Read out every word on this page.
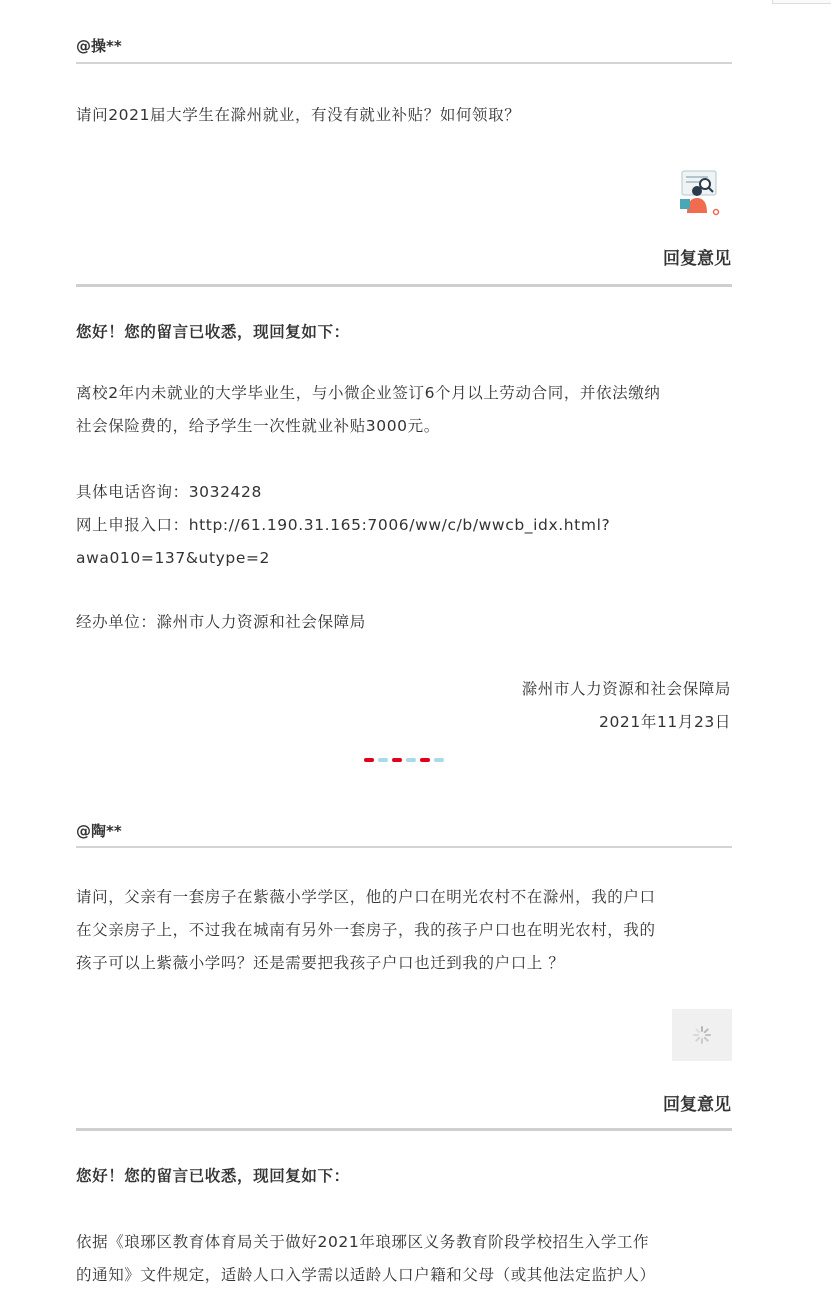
@操**
请问2021届大学生在滁州就业，有没有就业补贴？如何领取？
回复意见
您好！您的留言已收悉，现回复如下：
离校2年内未就业的大学毕业生，与小微企业签订6个月以上劳动合同，并依法缴纳
社会保险费的，给予学生一次性就业补贴3000元。
具体电话咨询：3032428
网上申报入口：http://61.190.31.165:7006/ww/c/b/wwcb_idx.html?
awa010=137&utype=2
经办单位：滁州市人力资源和社会保障局
滁州市人力资源和社会保障局
2021年11月23日
@陶**
请问，父亲有一套房子在紫薇小学学区，他的户口在明光农村不在滁州，我的户口
在父亲房子上，不过我在城南有另外一套房子，我的孩子户口也在明光农村，我的
孩子可以上紫薇小学吗？还是需要把我孩子户口也迁到我的户口上 ？
回复意见
您好！您的留言已收悉，现回复如下：
依据《琅琊区教育体育局关于做好2021年琅琊区义务教育阶段学校招生入学工作
的通知》文件规定，适龄人口入学需以适龄人口户籍和父母（或其他法定监护人）
